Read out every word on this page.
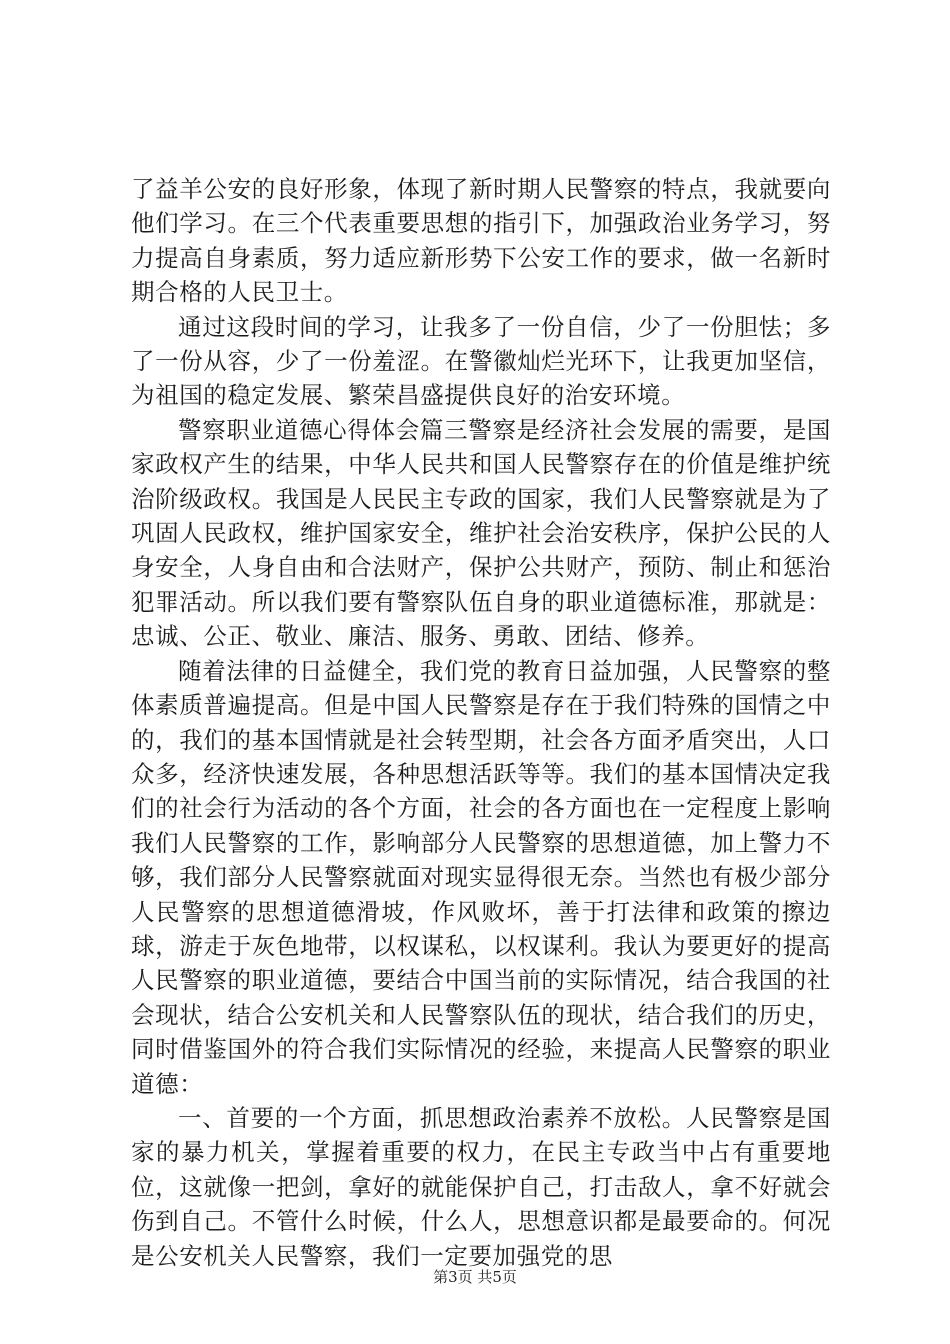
了益羊公安的良好形象，体现了新时期人民警察的特点，我就要向他们学习。在三个代表重要思想的指引下，加强政治业务学习，努力提高自身素质，努力适应新形势下公安工作的要求，做一名新时期合格的人民卫士。

通过这段时间的学习，让我多了一份自信，少了一份胆怯；多了一份从容，少了一份羞涩。在警徽灿烂光环下，让我更加坚信，为祖国的稳定发展、繁荣昌盛提供良好的治安环境。

警察职业道德心得体会篇三警察是经济社会发展的需要，是国家政权产生的结果，中华人民共和国人民警察存在的价值是维护统治阶级政权。我国是人民民主专政的国家，我们人民警察就是为了巩固人民政权，维护国家安全，维护社会治安秩序，保护公民的人身安全，人身自由和合法财产，保护公共财产，预防、制止和惩治犯罪活动。所以我们要有警察队伍自身的职业道德标准，那就是：忠诚、公正、敬业、廉洁、服务、勇敢、团结、修养。

随着法律的日益健全，我们党的教育日益加强，人民警察的整体素质普遍提高。但是中国人民警察是存在于我们特殊的国情之中的，我们的基本国情就是社会转型期，社会各方面矛盾突出，人口众多，经济快速发展，各种思想活跃等等。我们的基本国情决定我们的社会行为活动的各个方面，社会的各方面也在一定程度上影响我们人民警察的工作，影响部分人民警察的思想道德，加上警力不够，我们部分人民警察就面对现实显得很无奈。当然也有极少部分人民警察的思想道德滑坡，作风败坏，善于打法律和政策的擦边球，游走于灰色地带，以权谋私，以权谋利。我认为要更好的提高人民警察的职业道德，要结合中国当前的实际情况，结合我国的社会现状，结合公安机关和人民警察队伍的现状，结合我们的历史，同时借鉴国外的符合我们实际情况的经验，来提高人民警察的职业道德：

一、首要的一个方面，抓思想政治素养不放松。人民警察是国家的暴力机关，掌握着重要的权力，在民主专政当中占有重要地位，这就像一把剑，拿好的就能保护自己，打击敌人，拿不好就会伤到自己。不管什么时候，什么人，思想意识都是最要命的。何况是公安机关人民警察，我们一定要加强党的思

第3页 共5页
